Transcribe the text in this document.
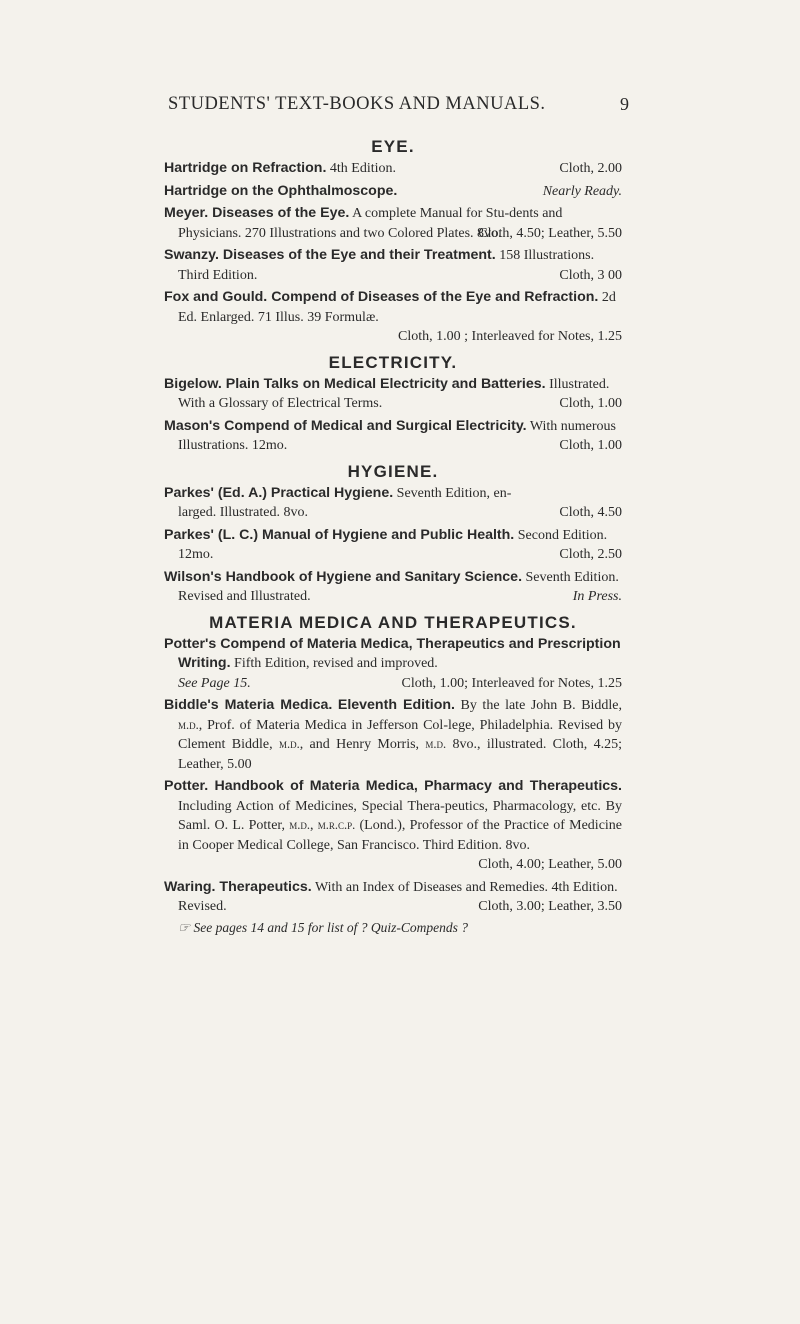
STUDENTS' TEXT-BOOKS AND MANUALS.	9
EYE.
Hartridge on Refraction. 4th Edition.	Cloth, 2.00
Hartridge on the Ophthalmoscope.	Nearly Ready.
Meyer. Diseases of the Eye. A complete Manual for Stu-dents and Physicians. 270 Illustrations and two Colored Plates. 8vo.
Cloth, 4.50; Leather, 5.50
Swanzy. Diseases of the Eye and their Treatment. 158 Illustrations. Third Edition.	Cloth, 3 00
Fox and Gould. Compend of Diseases of the Eye and Refraction. 2d Ed. Enlarged. 71 Illus. 39 Formulæ.
Cloth, 1.00 ; Interleaved for Notes, 1.25
ELECTRICITY.
Bigelow. Plain Talks on Medical Electricity and Batteries. Illustrated. With a Glossary of Electrical Terms.	Cloth, 1.00
Mason's Compend of Medical and Surgical Electricity. With numerous Illustrations. 12mo.	Cloth, 1.00
HYGIENE.
Parkes' (Ed. A.) Practical Hygiene. Seventh Edition, en-
larged. Illustrated. 8vo.	Cloth, 4.50
Parkes' (L. C.) Manual of Hygiene and Public Health. Second Edition. 12mo.	Cloth, 2.50
Wilson's Handbook of Hygiene and Sanitary Science. Seventh Edition. Revised and Illustrated.	In Press.
MATERIA MEDICA AND THERAPEUTICS.
Potter's Compend of Materia Medica, Therapeutics and Prescription Writing. Fifth Edition, revised and improved.
See Page 15.	Cloth, 1.00; Interleaved for Notes, 1.25
Biddle's Materia Medica. Eleventh Edition. By the late John B. Biddle, m.d., Prof. of Materia Medica in Jefferson Col-lege, Philadelphia. Revised by Clement Biddle, m.d., and Henry Morris, m.d. 8vo., illustrated. Cloth, 4.25; Leather, 5.00
Potter. Handbook of Materia Medica, Pharmacy and Therapeutics. Including Action of Medicines, Special Thera-peutics, Pharmacology, etc. By Saml. O. L. Potter, m.d., m.r.c.p. (Lond.), Professor of the Practice of Medicine in Cooper Medical College, San Francisco. Third Edition. 8vo.
Cloth, 4.00; Leather, 5.00
Waring. Therapeutics. With an Index of Diseases and Remedies. 4th Edition. Revised.	Cloth, 3.00; Leather, 3.50
☞ See pages 14 and 15 for list of ? Quiz-Compends ?
